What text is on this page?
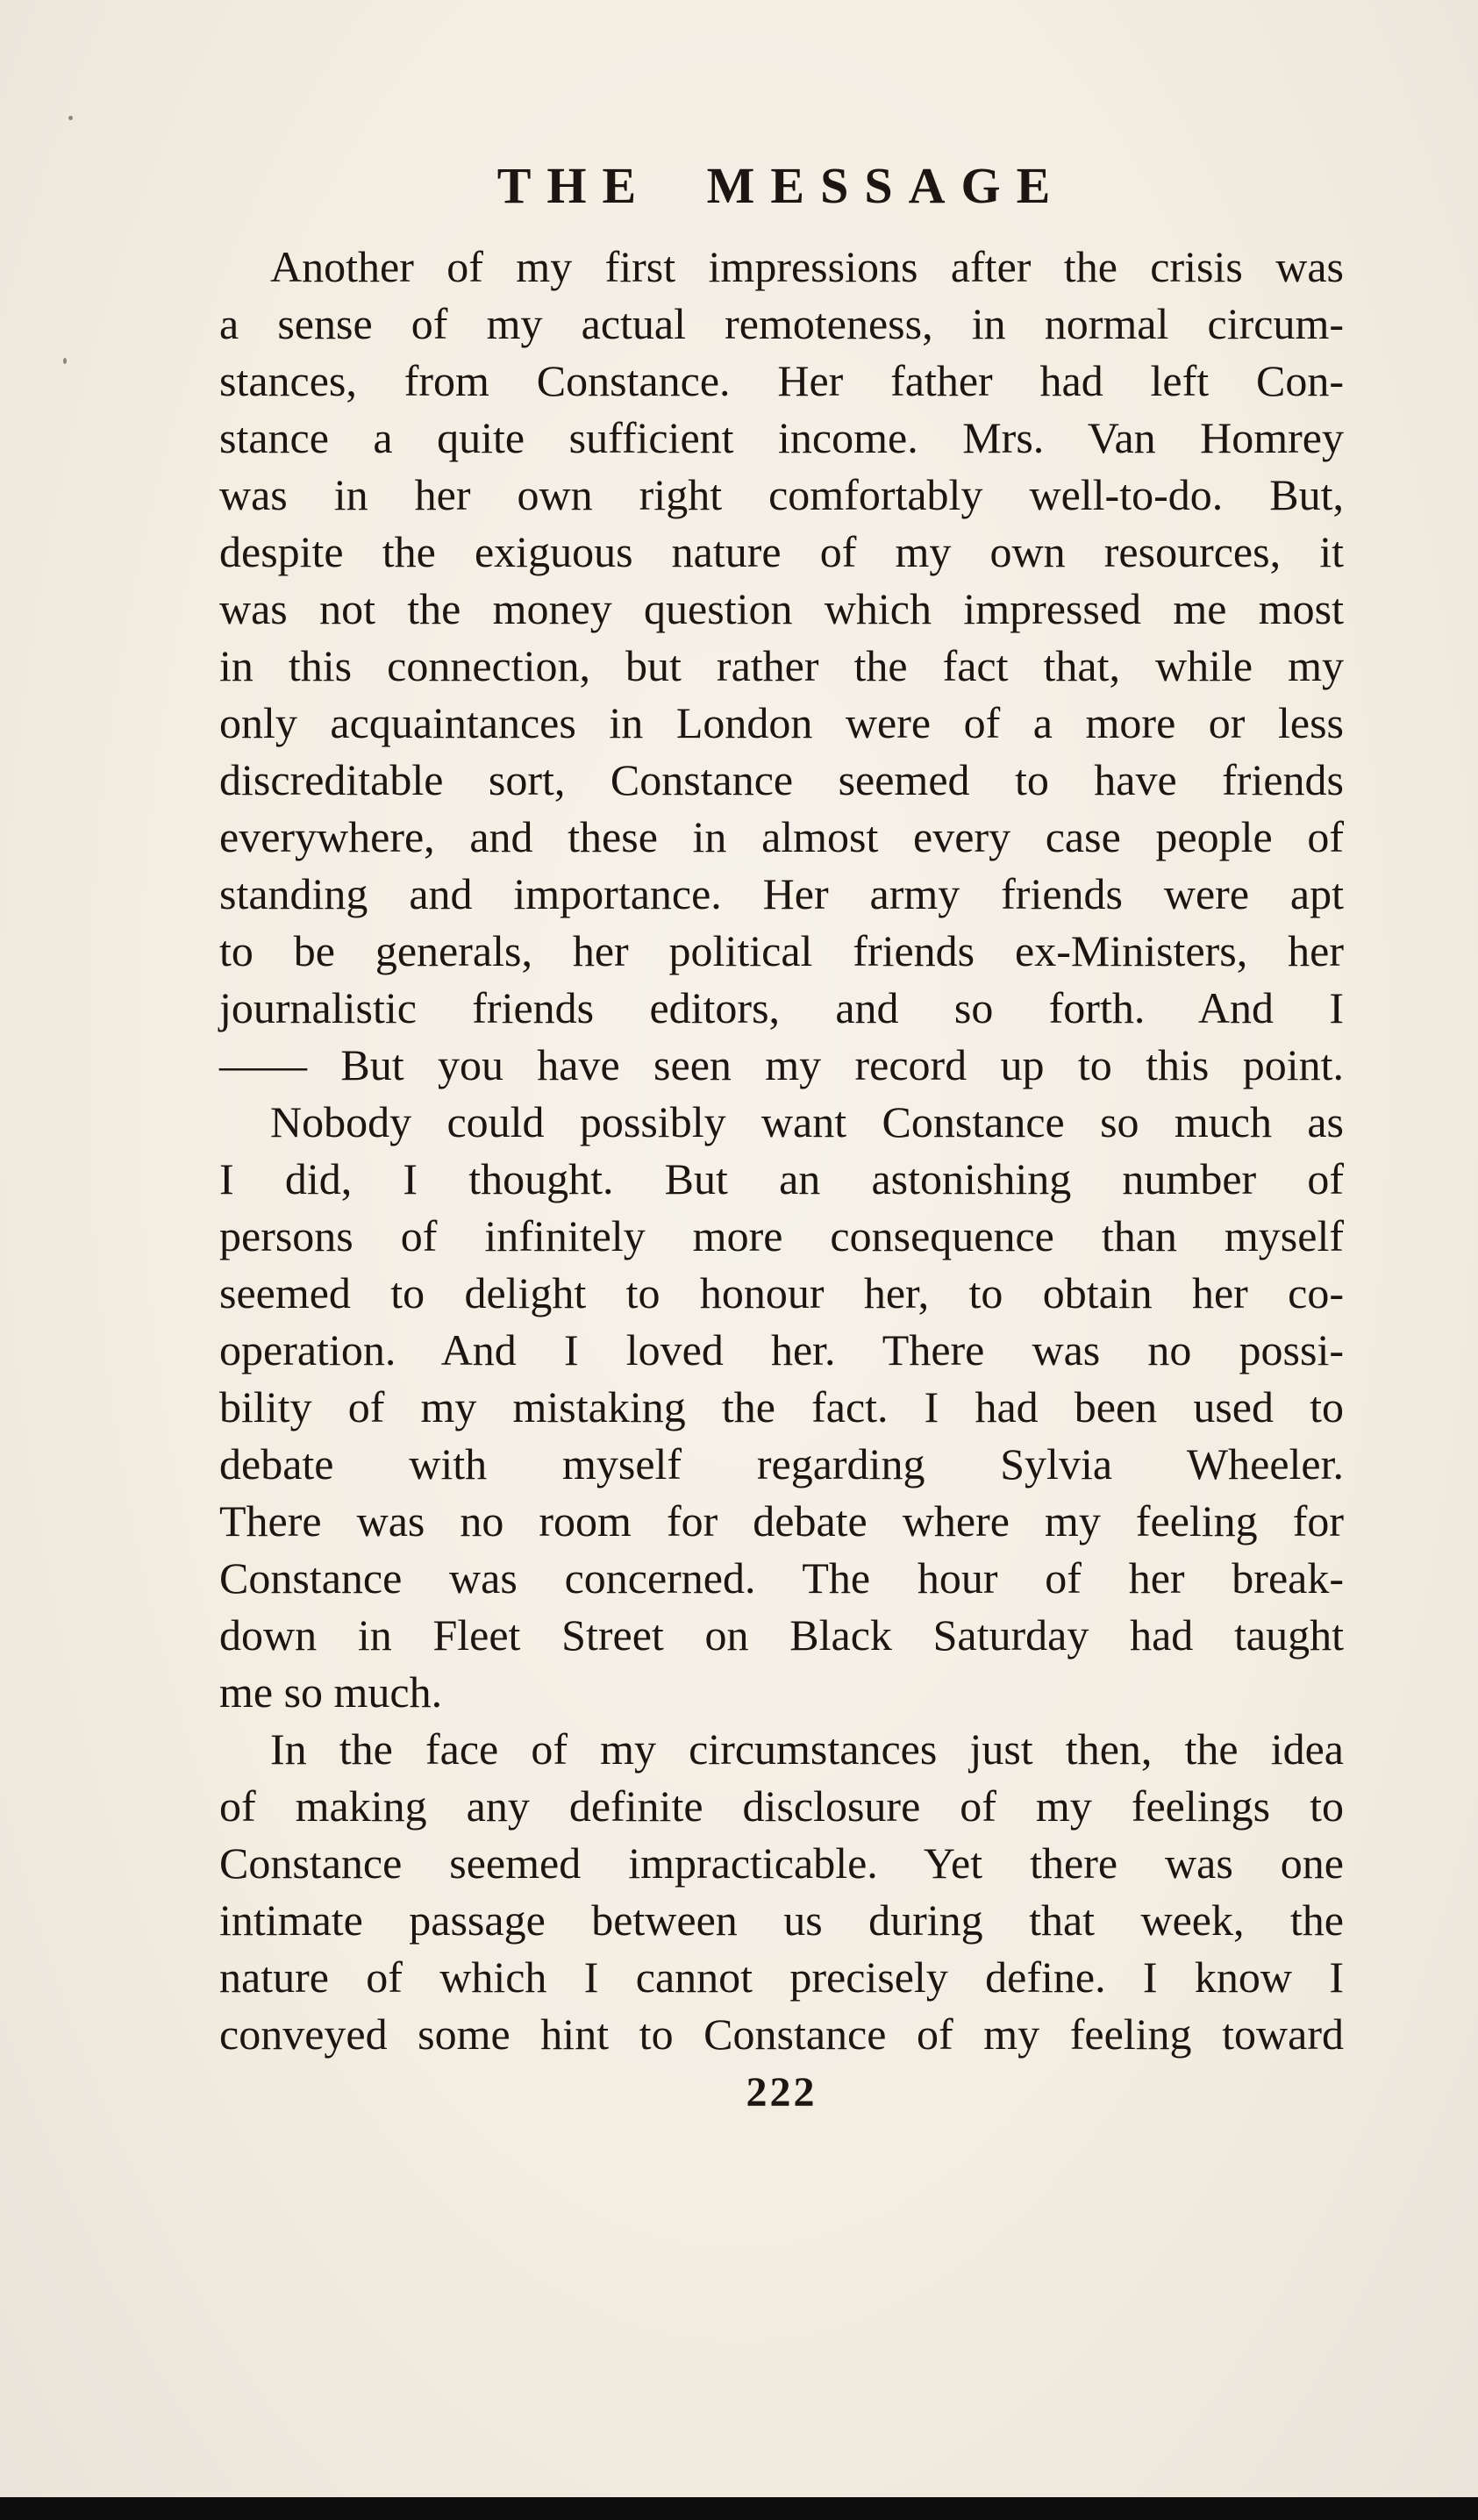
THE MESSAGE

Another of my first impressions after the crisis was
a sense of my actual remoteness, in normal circum-
stances, from Constance. Her father had left Con-
stance a quite sufficient income. Mrs. Van Homrey
was in her own right comfortably well-to-do. But,
despite the exiguous nature of my own resources, it
was not the money question which impressed me most
in this connection, but rather the fact that, while my
only acquaintances in London were of a more or less
discreditable sort, Constance seemed to have friends
everywhere, and these in almost every case people of
standing and importance. Her army friends were apt
to be generals, her political friends ex-Ministers, her
journalistic friends editors, and so forth. And I
—— But you have seen my record up to this point.

Nobody could possibly want Constance so much as
I did, I thought. But an astonishing number of
persons of infinitely more consequence than myself
seemed to delight to honour her, to obtain her co-
operation. And I loved her. There was no possi-
bility of my mistaking the fact. I had been used to
debate with myself regarding Sylvia Wheeler.
There was no room for debate where my feeling for
Constance was concerned. The hour of her break-
down in Fleet Street on Black Saturday had taught
me so much.

In the face of my circumstances just then, the idea
of making any definite disclosure of my feelings to
Constance seemed impracticable. Yet there was one
intimate passage between us during that week, the
nature of which I cannot precisely define. I know I
conveyed some hint to Constance of my feeling toward

222
